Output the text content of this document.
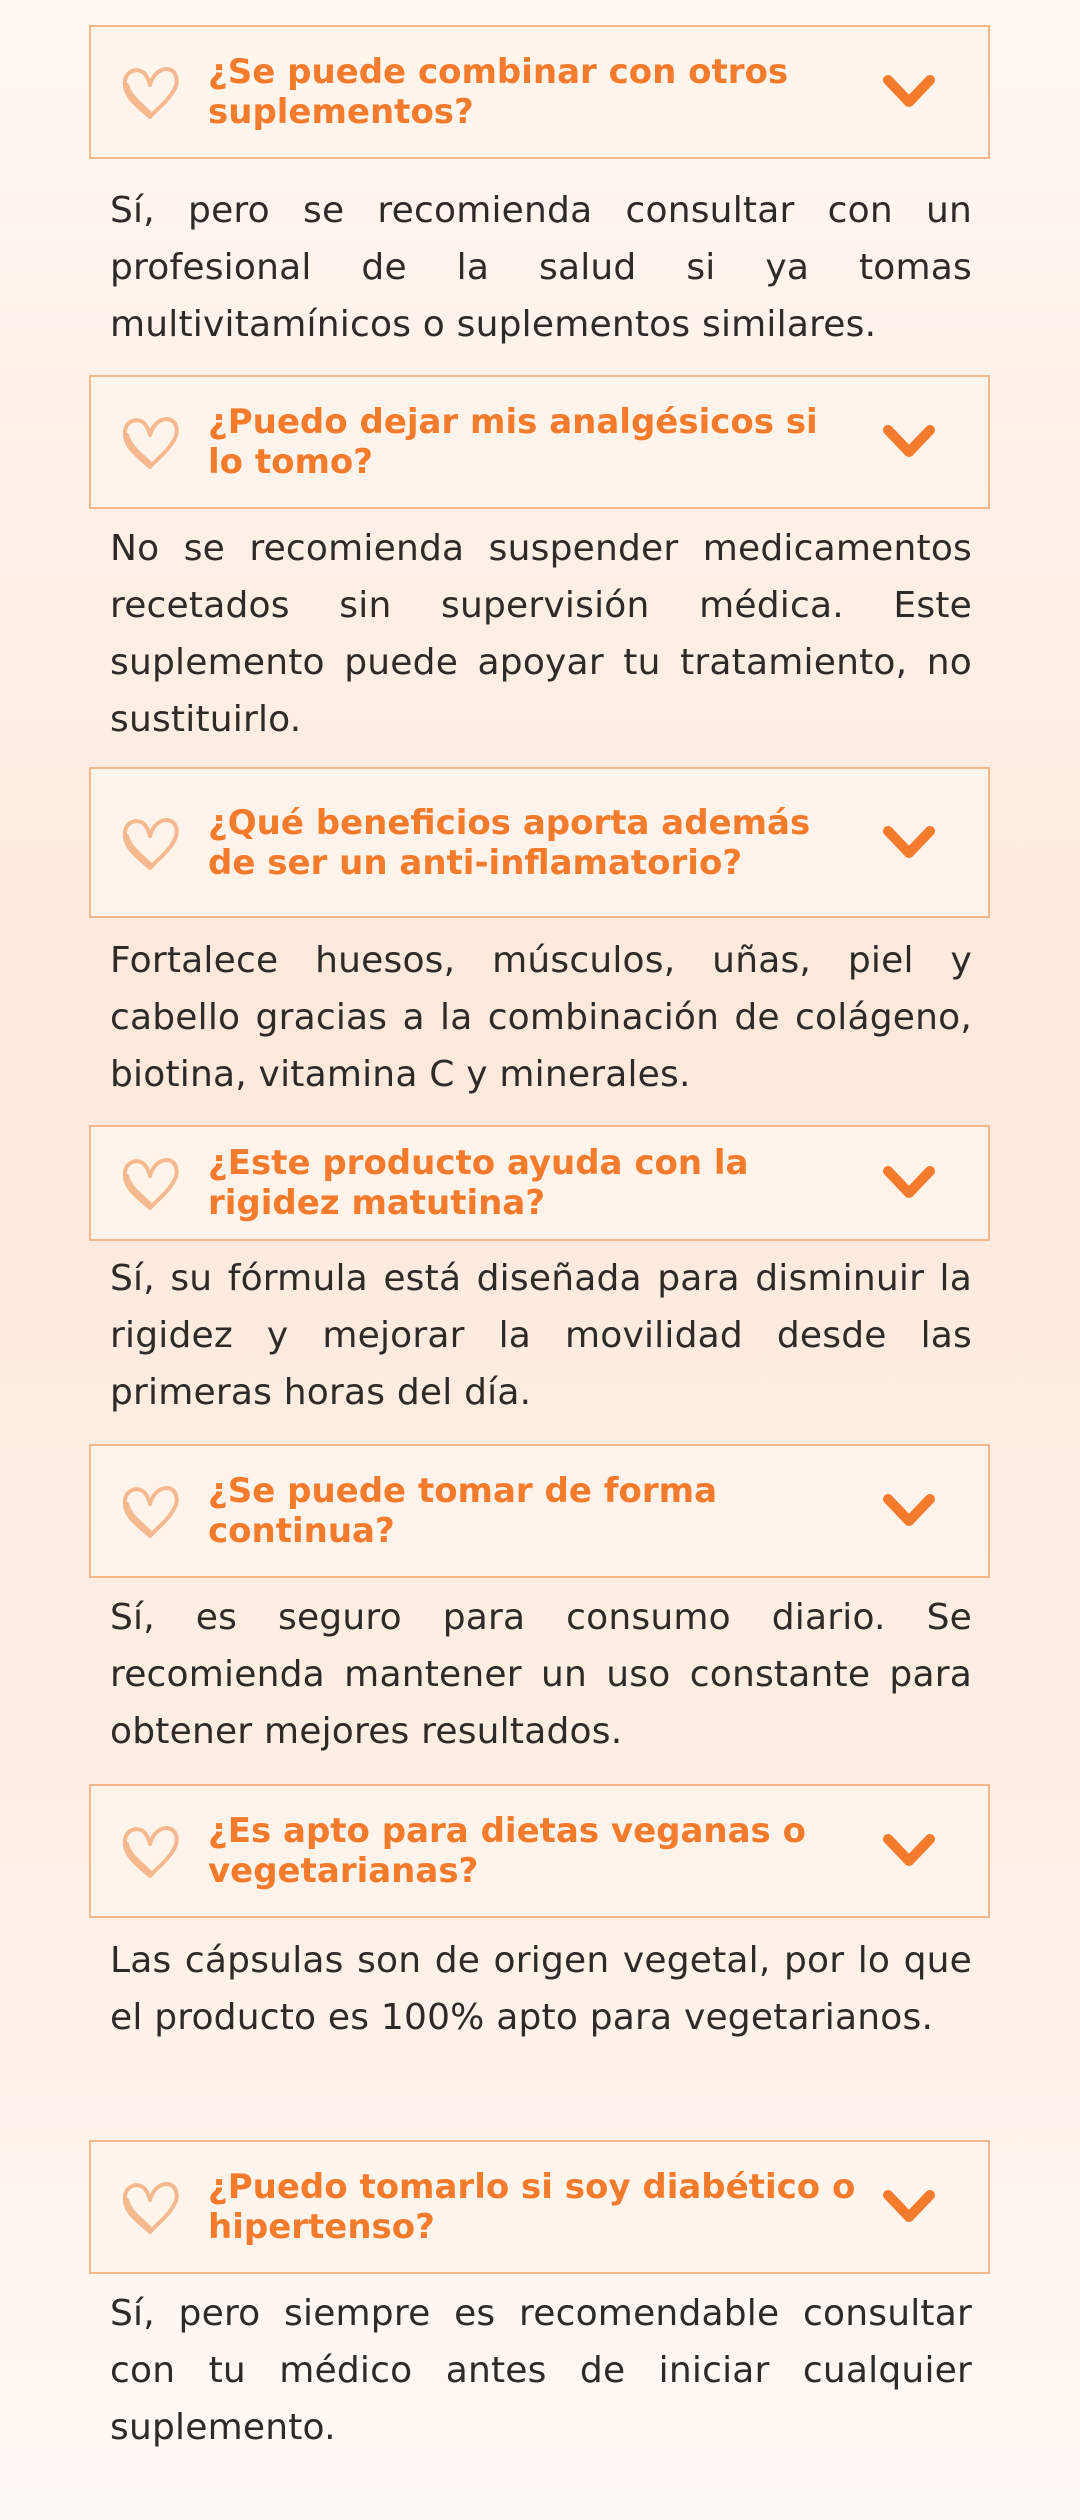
¿Se puede combinar con otros suplementos?
Sí, pero se recomienda consultar con un profesional de la salud si ya tomas multivitamínicos o suplementos similares.
¿Puedo dejar mis analgésicos si lo tomo?
No se recomienda suspender medicamentos recetados sin supervisión médica. Este suplemento puede apoyar tu tratamiento, no sustituirlo.
¿Qué beneficios aporta además de ser un anti-inflamatorio?
Fortalece huesos, músculos, uñas, piel y cabello gracias a la combinación de colágeno, biotina, vitamina C y minerales.
¿Este producto ayuda con la rigidez matutina?
Sí, su fórmula está diseñada para disminuir la rigidez y mejorar la movilidad desde las primeras horas del día.
¿Se puede tomar de forma continua?
Sí, es seguro para consumo diario. Se recomienda mantener un uso constante para obtener mejores resultados.
¿Es apto para dietas veganas o vegetarianas?
Las cápsulas son de origen vegetal, por lo que el producto es 100% apto para vegetarianos.
¿Puedo tomarlo si soy diabético o hipertenso?
Sí, pero siempre es recomendable consultar con tu médico antes de iniciar cualquier suplemento.
